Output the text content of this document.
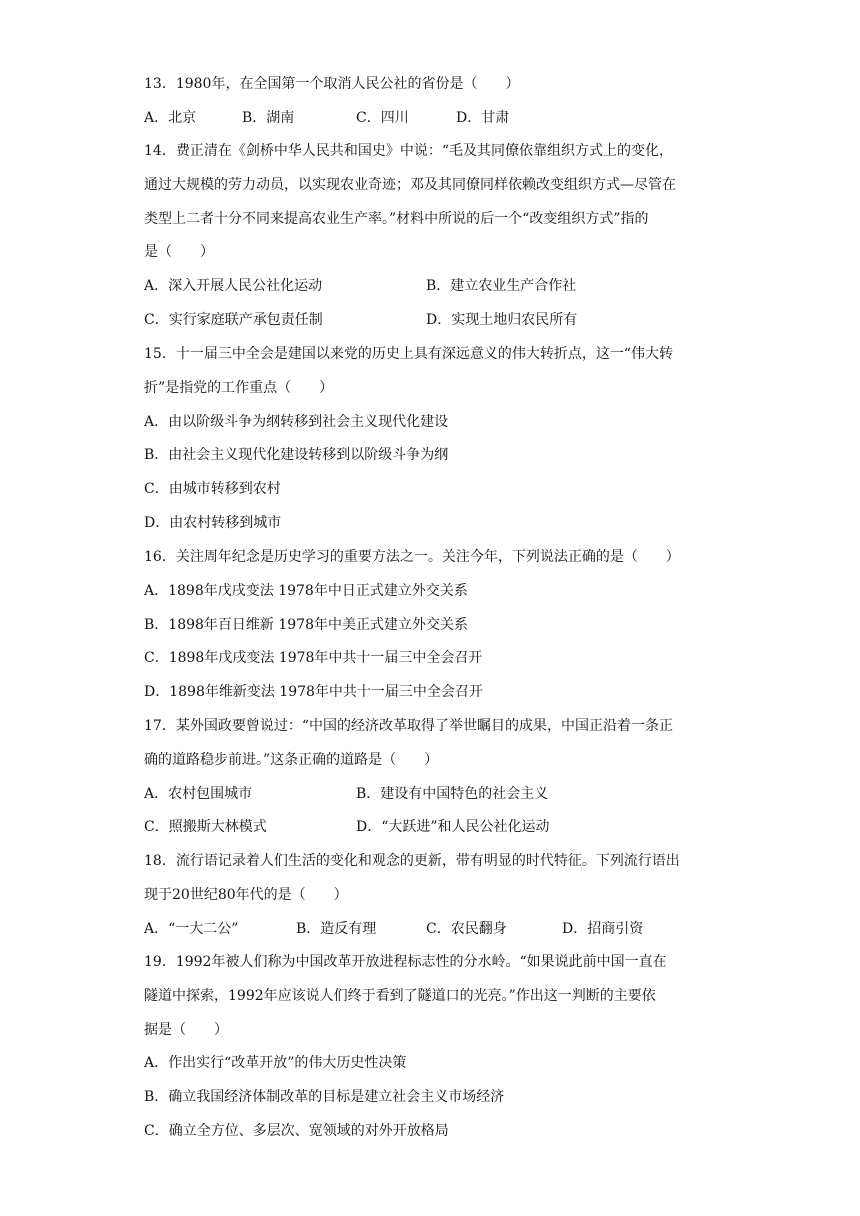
13．1980年，在全国第一个取消人民公社的省份是（　　）
A．北京	B．湖南	C．四川	D．甘肃
14．费正清在《剑桥中华人民共和国史》中说：“毛及其同僚依靠组织方式上的变化，
通过大规模的劳力动员，以实现农业奇迹；邓及其同僚同样依赖改变组织方式—尽管在
类型上二者十分不同来提高农业生产率。”材料中所说的后一个“改变组织方式”指的
是（　　）
A．深入开展人民公社化运动	B．建立农业生产合作社
C．实行家庭联产承包责任制	D．实现土地归农民所有
15．十一届三中全会是建国以来党的历史上具有深远意义的伟大转折点，这一“伟大转
折”是指党的工作重点（　　）
A．由以阶级斗争为纲转移到社会主义现代化建设
B．由社会主义现代化建设转移到以阶级斗争为纲
C．由城市转移到农村
D．由农村转移到城市
16．关注周年纪念是历史学习的重要方法之一。关注今年，下列说法正确的是（　　）
A．1898年戊戌变法 1978年中日正式建立外交关系
B．1898年百日维新 1978年中美正式建立外交关系
C．1898年戊戌变法 1978年中共十一届三中全会召开
D．1898年维新变法 1978年中共十一届三中全会召开
17．某外国政要曾说过：“中国的经济改革取得了举世瞩目的成果，中国正沿着一条正
确的道路稳步前进。”这条正确的道路是（　　）
A．农村包围城市	B．建设有中国特色的社会主义
C．照搬斯大林模式	D．“大跃进”和人民公社化运动
18．流行语记录着人们生活的变化和观念的更新，带有明显的时代特征。下列流行语出
现于20世纪80年代的是（　　）
A．“一大二公”	B．造反有理	C．农民翻身	D．招商引资
19．1992年被人们称为中国改革开放进程标志性的分水岭。“如果说此前中国一直在
隧道中探索，1992年应该说人们终于看到了隧道口的光亮。”作出这一判断的主要依
据是（　　）
A．作出实行“改革开放”的伟大历史性决策
B．确立我国经济体制改革的目标是建立社会主义市场经济
C．确立全方位、多层次、宽领域的对外开放格局
